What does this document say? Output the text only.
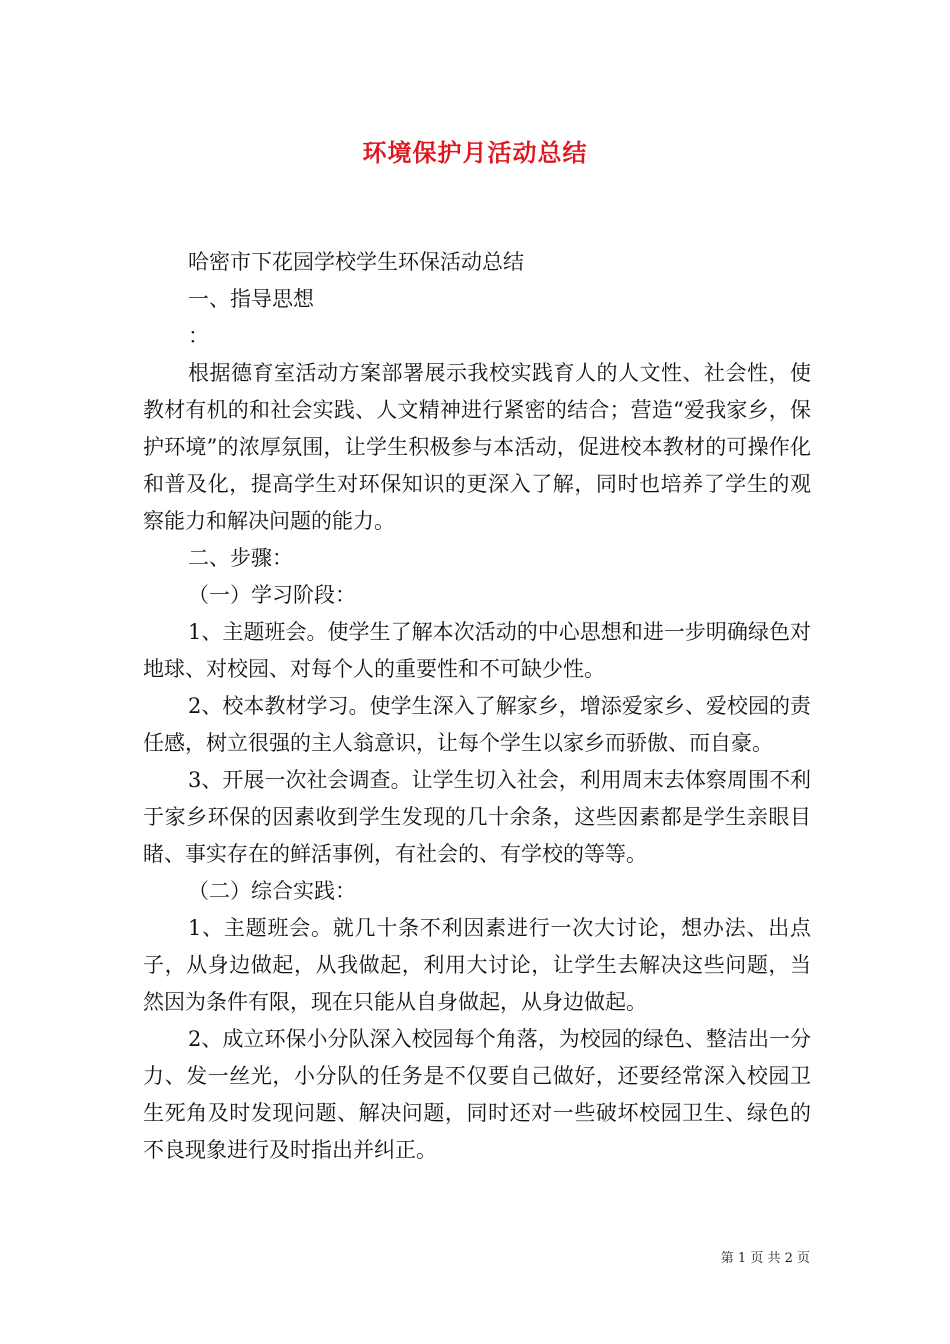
环境保护月活动总结

哈密市下花园学校学生环保活动总结

一、指导思想

：

根据德育室活动方案部署展示我校实践育人的人文性、社会性，使教材有机的和社会实践、人文精神进行紧密的结合；营造“爱我家乡，保护环境”的浓厚氛围，让学生积极参与本活动，促进校本教材的可操作化和普及化，提高学生对环保知识的更深入了解，同时也培养了学生的观察能力和解决问题的能力。

二、步骤：

（一）学习阶段：

1、主题班会。使学生了解本次活动的中心思想和进一步明确绿色对地球、对校园、对每个人的重要性和不可缺少性。

2、校本教材学习。使学生深入了解家乡，增添爱家乡、爱校园的责任感，树立很强的主人翁意识，让每个学生以家乡而骄傲、而自豪。

3、开展一次社会调查。让学生切入社会，利用周末去体察周围不利于家乡环保的因素收到学生发现的几十余条，这些因素都是学生亲眼目睹、事实存在的鲜活事例，有社会的、有学校的等等。

（二）综合实践：

1、主题班会。就几十条不利因素进行一次大讨论，想办法、出点子，从身边做起，从我做起，利用大讨论，让学生去解决这些问题，当然因为条件有限，现在只能从自身做起，从身边做起。

2、成立环保小分队深入校园每个角落，为校园的绿色、整洁出一分力、发一丝光，小分队的任务是不仅要自己做好，还要经常深入校园卫生死角及时发现问题、解决问题，同时还对一些破坏校园卫生、绿色的不良现象进行及时指出并纠正。

第 1 页 共 2 页
